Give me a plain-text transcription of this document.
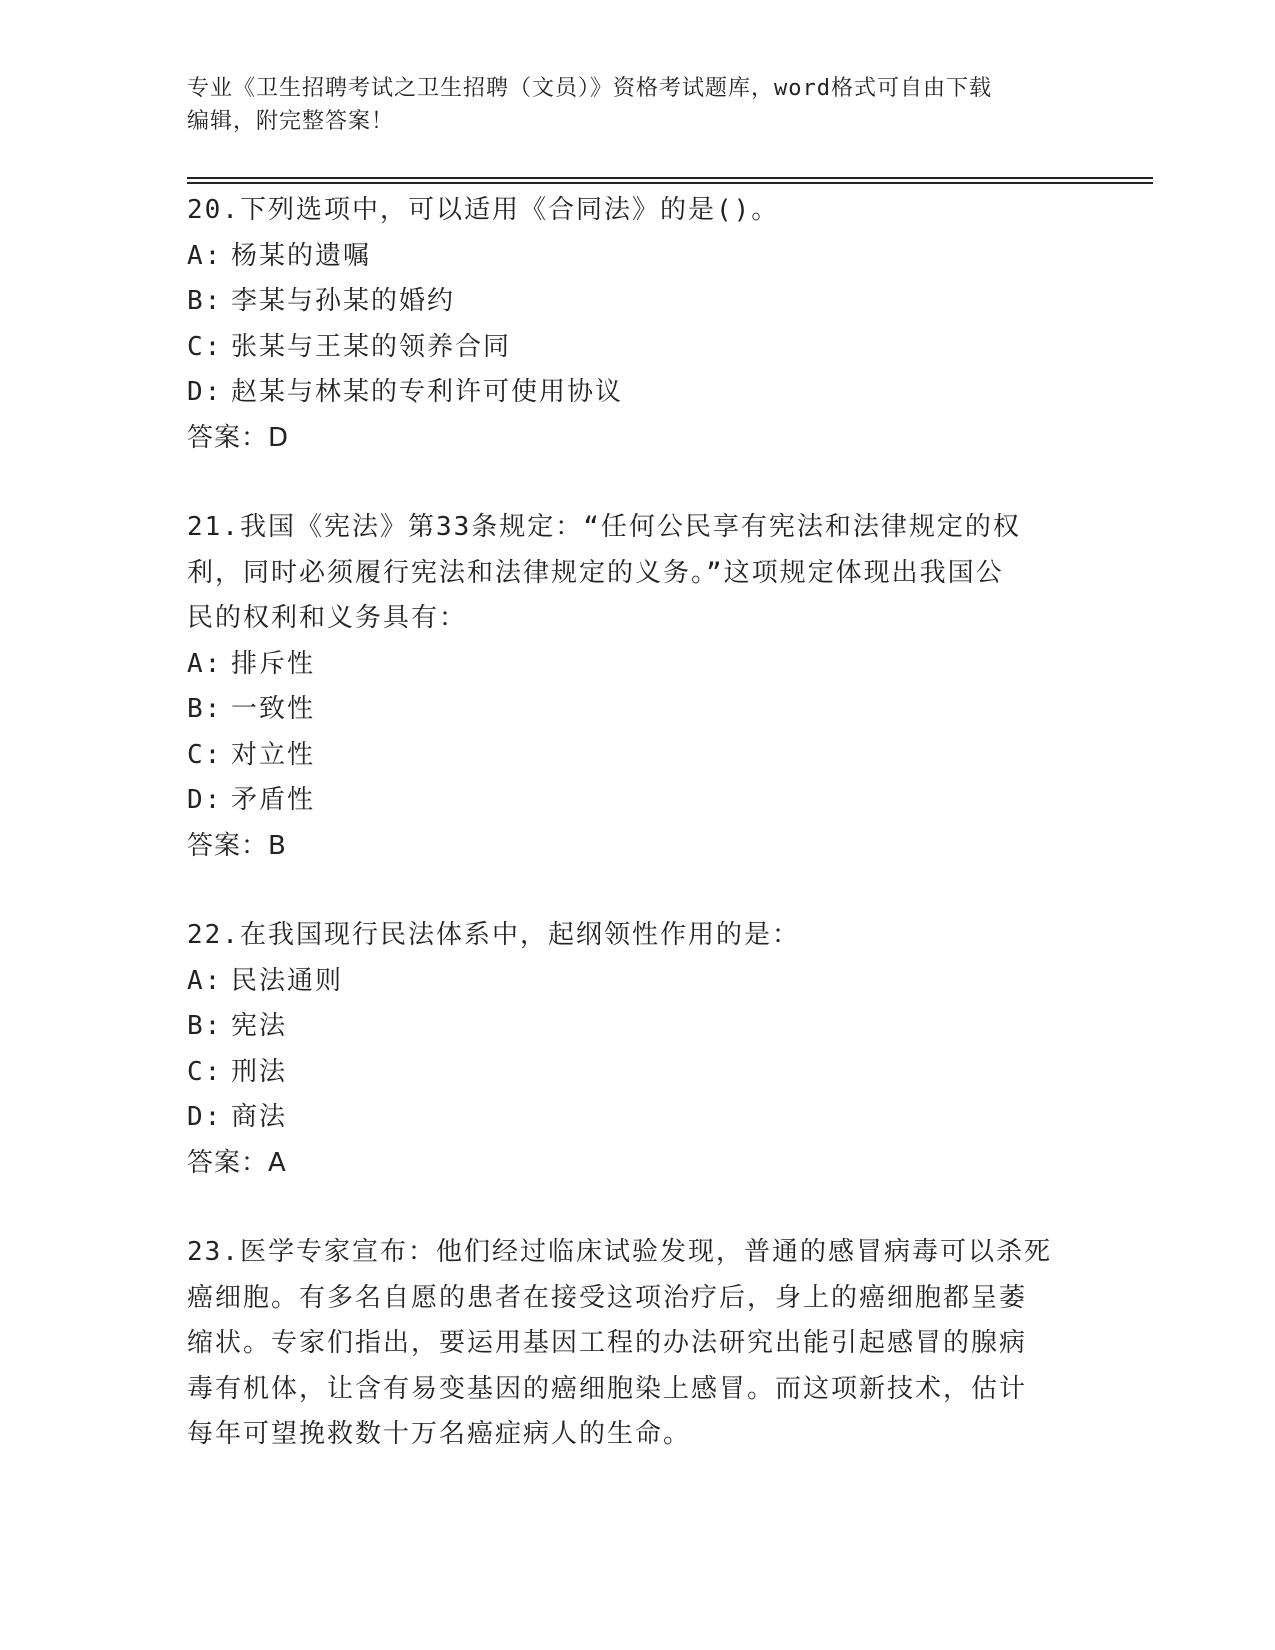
专业《卫生招聘考试之卫生招聘（文员）》资格考试题库，word格式可自由下载
编辑，附完整答案！
20.下列选项中，可以适用《合同法》的是()。
A: 杨某的遗嘱
B: 李某与孙某的婚约
C: 张某与王某的领养合同
D: 赵某与林某的专利许可使用协议
答案：D
21.我国《宪法》第33条规定：“任何公民享有宪法和法律规定的权
利，同时必须履行宪法和法律规定的义务。”这项规定体现出我国公
民的权利和义务具有：
A: 排斥性
B: 一致性
C: 对立性
D: 矛盾性
答案：B
22.在我国现行民法体系中，起纲领性作用的是：
A: 民法通则
B: 宪法
C: 刑法
D: 商法
答案：A
23.医学专家宣布：他们经过临床试验发现，普通的感冒病毒可以杀死
癌细胞。有多名自愿的患者在接受这项治疗后，身上的癌细胞都呈萎
缩状。专家们指出，要运用基因工程的办法研究出能引起感冒的腺病
毒有机体，让含有易变基因的癌细胞染上感冒。而这项新技术，估计
每年可望挽救数十万名癌症病人的生命。
